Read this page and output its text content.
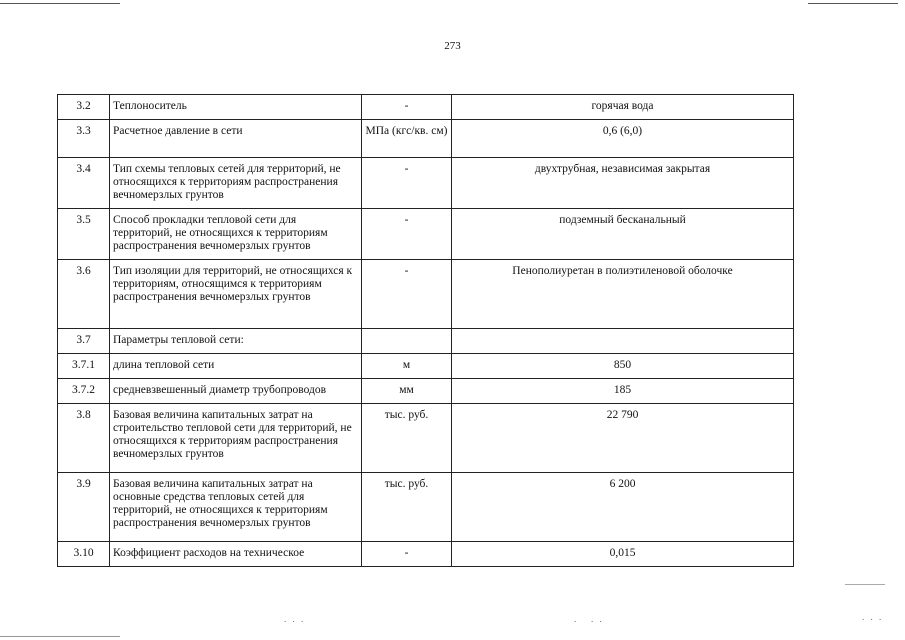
. . .	.   . .	. . .
273
3.2	Теплоноситель	-	горячая вода
3.3	Расчетное давление в сети	МПа (кгс/кв. см)	0,6 (6,0)
3.4	Тип схемы тепловых сетей для территорий, не относящихся к территориям распространения вечномерзлых грунтов	-	двухтрубная, независимая закрытая
3.5	Способ прокладки тепловой сети для территорий, не относящихся к территориям распространения вечномерзлых грунтов	-	подземный бесканальный
3.6	Тип изоляции для территорий, не относящихся к территориям, относящимся к территориям распространения вечномерзлых грунтов	-	Пенополиуретан в полиэтиленовой оболочке
3.7	Параметры тепловой сети:		
3.7.1	длина тепловой сети	м	850
3.7.2	средневзвешенный диаметр трубопроводов	мм	185
3.8	Базовая величина капитальных затрат на строительство тепловой сети для территорий, не относящихся к территориям распространения вечномерзлых грунтов	тыс. руб.	22 790
3.9	Базовая величина капитальных затрат на основные средства тепловых сетей для территорий, не относящихся к территориям распространения вечномерзлых грунтов	тыс. руб.	6 200
3.10	Коэффициент расходов на техническое	-	0,015
